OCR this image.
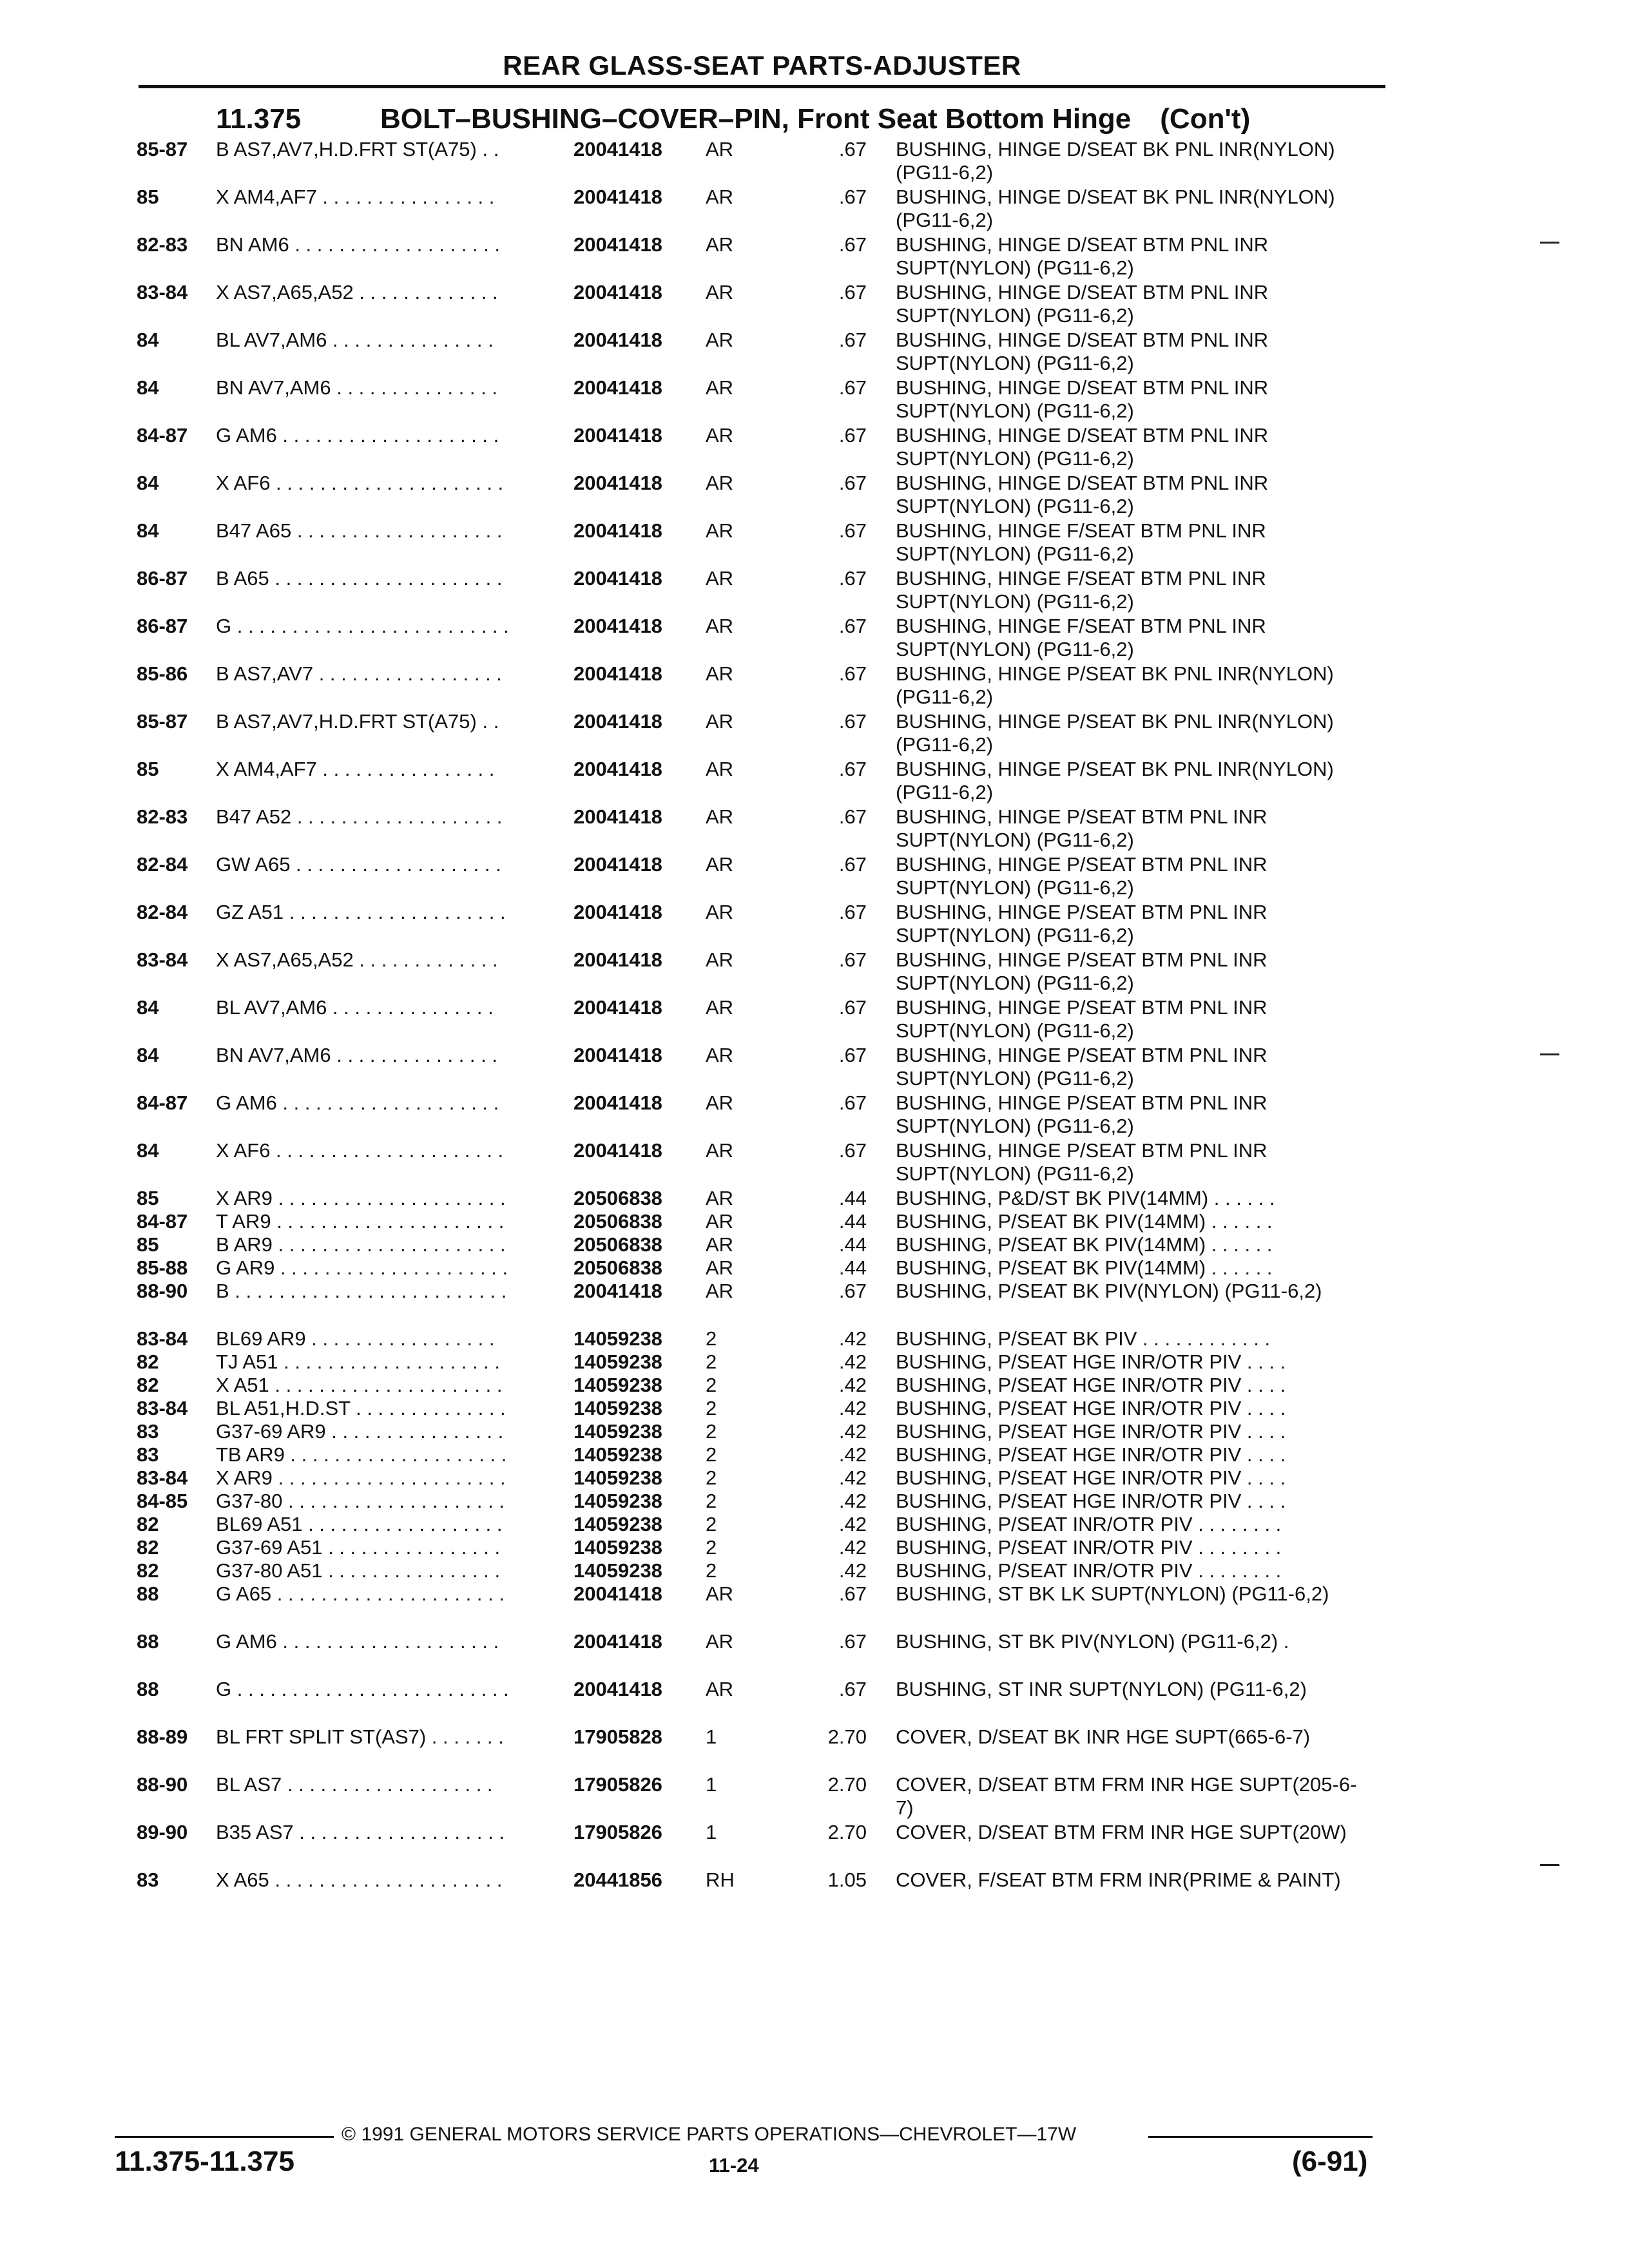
REAR GLASS-SEAT PARTS-ADJUSTER
11.375	BOLT–BUSHING–COVER–PIN, Front Seat Bottom Hinge (Con't)
85-87	B AS7,AV7,H.D.FRT ST(A75) . .	20041418	AR	.67 BUSHING, HINGE D/SEAT BK PNL INR(NYLON) (PG11-6,2)
85	X AM4,AF7 . . . . . . . . . . . . . . . .	20041418	AR	.67 BUSHING, HINGE D/SEAT BK PNL INR(NYLON) (PG11-6,2)
82-83	BN AM6 . . . . . . . . . . . . . . . . . . .	20041418	AR	.67 BUSHING, HINGE D/SEAT BTM PNL INR SUPT(NYLON) (PG11-6,2)
83-84	X AS7,A65,A52 . . . . . . . . . . . . .	20041418	AR	.67 BUSHING, HINGE D/SEAT BTM PNL INR SUPT(NYLON) (PG11-6,2)
84	BL AV7,AM6 . . . . . . . . . . . . . . .	20041418	AR	.67 BUSHING, HINGE D/SEAT BTM PNL INR SUPT(NYLON) (PG11-6,2)
84	BN AV7,AM6 . . . . . . . . . . . . . . .	20041418	AR	.67 BUSHING, HINGE D/SEAT BTM PNL INR SUPT(NYLON) (PG11-6,2)
84-87	G AM6 . . . . . . . . . . . . . . . . . . . .	20041418	AR	.67 BUSHING, HINGE D/SEAT BTM PNL INR SUPT(NYLON) (PG11-6,2)
84	X AF6 . . . . . . . . . . . . . . . . . . . . .	20041418	AR	.67 BUSHING, HINGE D/SEAT BTM PNL INR SUPT(NYLON) (PG11-6,2)
84	B47 A65 . . . . . . . . . . . . . . . . . . .	20041418	AR	.67 BUSHING, HINGE F/SEAT BTM PNL INR SUPT(NYLON) (PG11-6,2)
86-87	B A65 . . . . . . . . . . . . . . . . . . . . .	20041418	AR	.67 BUSHING, HINGE F/SEAT BTM PNL INR SUPT(NYLON) (PG11-6,2)
86-87	G . . . . . . . . . . . . . . . . . . . . . . . . .	20041418	AR	.67 BUSHING, HINGE F/SEAT BTM PNL INR SUPT(NYLON) (PG11-6,2)
85-86	B AS7,AV7 . . . . . . . . . . . . . . . . .	20041418	AR	.67 BUSHING, HINGE P/SEAT BK PNL INR(NYLON) (PG11-6,2)
85-87	B AS7,AV7,H.D.FRT ST(A75) . .	20041418	AR	.67 BUSHING, HINGE P/SEAT BK PNL INR(NYLON) (PG11-6,2)
85	X AM4,AF7 . . . . . . . . . . . . . . . .	20041418	AR	.67 BUSHING, HINGE P/SEAT BK PNL INR(NYLON) (PG11-6,2)
82-83	B47 A52 . . . . . . . . . . . . . . . . . . .	20041418	AR	.67 BUSHING, HINGE P/SEAT BTM PNL INR SUPT(NYLON) (PG11-6,2)
82-84	GW A65 . . . . . . . . . . . . . . . . . . .	20041418	AR	.67 BUSHING, HINGE P/SEAT BTM PNL INR SUPT(NYLON) (PG11-6,2)
82-84	GZ A51 . . . . . . . . . . . . . . . . . . . .	20041418	AR	.67 BUSHING, HINGE P/SEAT BTM PNL INR SUPT(NYLON) (PG11-6,2)
83-84	X AS7,A65,A52 . . . . . . . . . . . . .	20041418	AR	.67 BUSHING, HINGE P/SEAT BTM PNL INR SUPT(NYLON) (PG11-6,2)
84	BL AV7,AM6 . . . . . . . . . . . . . . .	20041418	AR	.67 BUSHING, HINGE P/SEAT BTM PNL INR SUPT(NYLON) (PG11-6,2)
84	BN AV7,AM6 . . . . . . . . . . . . . . .	20041418	AR	.67 BUSHING, HINGE P/SEAT BTM PNL INR SUPT(NYLON) (PG11-6,2)
84-87	G AM6 . . . . . . . . . . . . . . . . . . . .	20041418	AR	.67 BUSHING, HINGE P/SEAT BTM PNL INR SUPT(NYLON) (PG11-6,2)
84	X AF6 . . . . . . . . . . . . . . . . . . . . .	20041418	AR	.67 BUSHING, HINGE P/SEAT BTM PNL INR SUPT(NYLON) (PG11-6,2)
85	X AR9 . . . . . . . . . . . . . . . . . . . . .	20506838	AR	.44 BUSHING, P&D/ST BK PIV(14MM) . . . . . .
84-87	T AR9 . . . . . . . . . . . . . . . . . . . . .	20506838	AR	.44 BUSHING, P/SEAT BK PIV(14MM) . . . . . .
85	B AR9 . . . . . . . . . . . . . . . . . . . . .	20506838	AR	.44 BUSHING, P/SEAT BK PIV(14MM) . . . . . .
85-88	G AR9 . . . . . . . . . . . . . . . . . . . . .	20506838	AR	.44 BUSHING, P/SEAT BK PIV(14MM) . . . . . .
88-90	B . . . . . . . . . . . . . . . . . . . . . . . . .	20041418	AR	.67 BUSHING, P/SEAT BK PIV(NYLON) (PG11-6,2)
83-84	BL69 AR9 . . . . . . . . . . . . . . . . .	14059238	2	.42 BUSHING, P/SEAT BK PIV . . . . . . . . . . . .
82	TJ A51 . . . . . . . . . . . . . . . . . . . .	14059238	2	.42 BUSHING, P/SEAT HGE INR/OTR PIV . . . .
82	X A51 . . . . . . . . . . . . . . . . . . . . .	14059238	2	.42 BUSHING, P/SEAT HGE INR/OTR PIV . . . .
83-84	BL A51,H.D.ST . . . . . . . . . . . . . .	14059238	2	.42 BUSHING, P/SEAT HGE INR/OTR PIV . . . .
83	G37-69 AR9 . . . . . . . . . . . . . . . .	14059238	2	.42 BUSHING, P/SEAT HGE INR/OTR PIV . . . .
83	TB AR9 . . . . . . . . . . . . . . . . . . . .	14059238	2	.42 BUSHING, P/SEAT HGE INR/OTR PIV . . . .
83-84	X AR9 . . . . . . . . . . . . . . . . . . . . .	14059238	2	.42 BUSHING, P/SEAT HGE INR/OTR PIV . . . .
84-85	G37-80 . . . . . . . . . . . . . . . . . . . .	14059238	2	.42 BUSHING, P/SEAT HGE INR/OTR PIV . . . .
82	BL69 A51 . . . . . . . . . . . . . . . . . .	14059238	2	.42 BUSHING, P/SEAT INR/OTR PIV . . . . . . . .
82	G37-69 A51 . . . . . . . . . . . . . . . .	14059238	2	.42 BUSHING, P/SEAT INR/OTR PIV . . . . . . . .
82	G37-80 A51 . . . . . . . . . . . . . . . .	14059238	2	.42 BUSHING, P/SEAT INR/OTR PIV . . . . . . . .
88	G A65 . . . . . . . . . . . . . . . . . . . . .	20041418	AR	.67 BUSHING, ST BK LK SUPT(NYLON) (PG11-6,2)
88	G AM6 . . . . . . . . . . . . . . . . . . . .	20041418	AR	.67 BUSHING, ST BK PIV(NYLON) (PG11-6,2) .
88	G . . . . . . . . . . . . . . . . . . . . . . . . .	20041418	AR	.67 BUSHING, ST INR SUPT(NYLON) (PG11-6,2)
88-89	BL FRT SPLIT ST(AS7) . . . . . . .	17905828	1	2.70 COVER, D/SEAT BK INR HGE SUPT(665-6-7)
88-90	BL AS7 . . . . . . . . . . . . . . . . . . .	17905826	1	2.70 COVER, D/SEAT BTM FRM INR HGE SUPT(205-6-7)
89-90	B35 AS7 . . . . . . . . . . . . . . . . . . .	17905826	1	2.70 COVER, D/SEAT BTM FRM INR HGE SUPT(20W)
83	X A65 . . . . . . . . . . . . . . . . . . . . .	20441856	RH	1.05 COVER, F/SEAT BTM FRM INR(PRIME & PAINT)
© 1991 GENERAL MOTORS SERVICE PARTS OPERATIONS—CHEVROLET—17W
11.375-11.375	11-24	(6-91)
